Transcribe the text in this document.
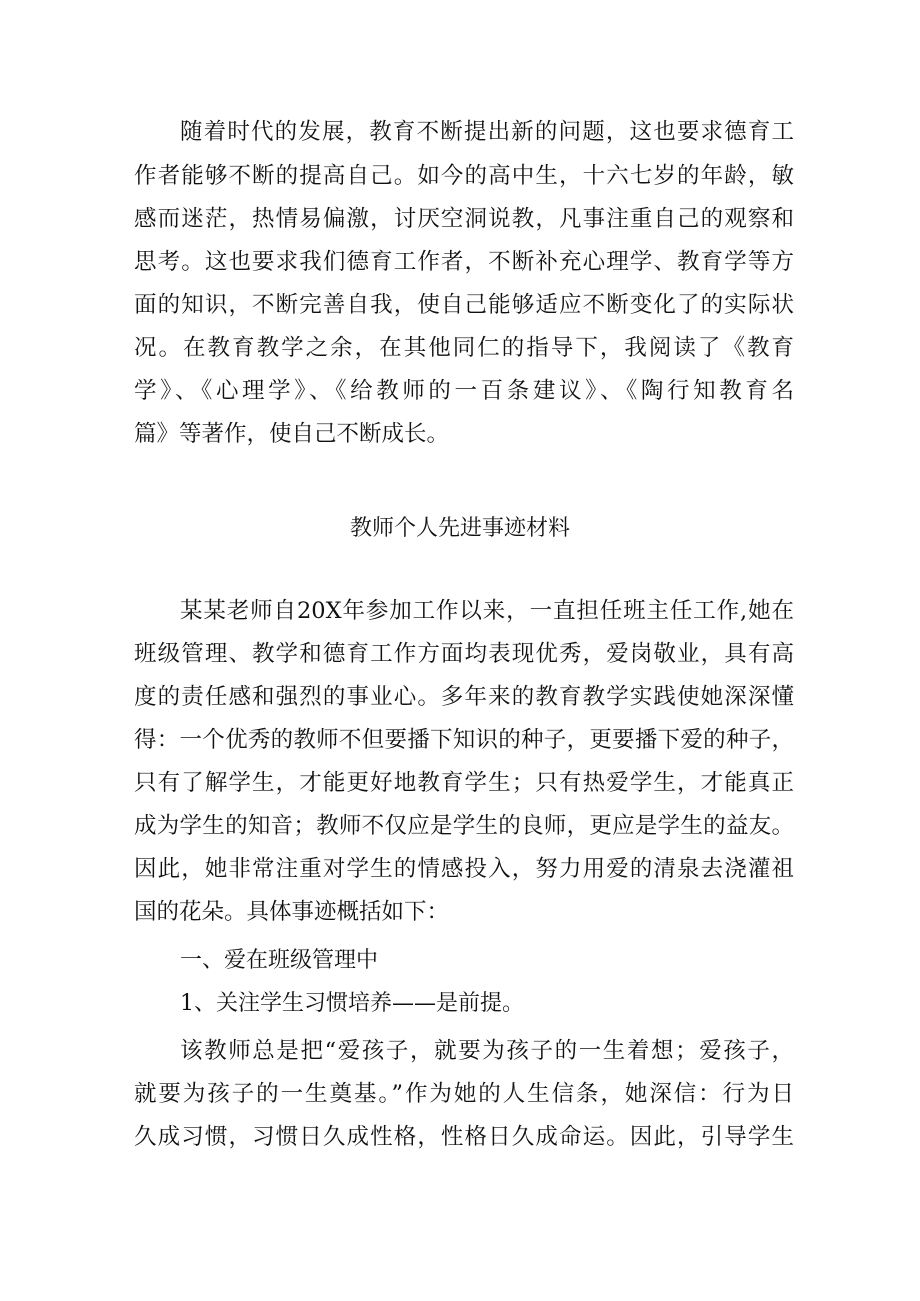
随着时代的发展，教育不断提出新的问题，这也要求德育工
作者能够不断的提高自己。如今的高中生，十六七岁的年龄，敏
感而迷茫，热情易偏激，讨厌空洞说教，凡事注重自己的观察和
思考。这也要求我们德育工作者，不断补充心理学、教育学等方
面的知识，不断完善自我，使自己能够适应不断变化了的实际状
况。在教育教学之余，在其他同仁的指导下，我阅读了《教育
学》、《心理学》、《给教师的一百条建议》、《陶行知教育名
篇》等著作，使自己不断成长。
教师个人先进事迹材料
某某老师自20X年参加工作以来，一直担任班主任工作,她在
班级管理、教学和德育工作方面均表现优秀，爱岗敬业，具有高
度的责任感和强烈的事业心。多年来的教育教学实践使她深深懂
得：一个优秀的教师不但要播下知识的种子，更要播下爱的种子，
只有了解学生，才能更好地教育学生；只有热爱学生，才能真正
成为学生的知音；教师不仅应是学生的良师，更应是学生的益友。
因此，她非常注重对学生的情感投入，努力用爱的清泉去浇灌祖
国的花朵。具体事迹概括如下：
一、爱在班级管理中
1、关注学生习惯培养——是前提。
该教师总是把“爱孩子，就要为孩子的一生着想；爱孩子，
就要为孩子的一生奠基。”作为她的人生信条，她深信：行为日
久成习惯，习惯日久成性格，性格日久成命运。因此，引导学生
